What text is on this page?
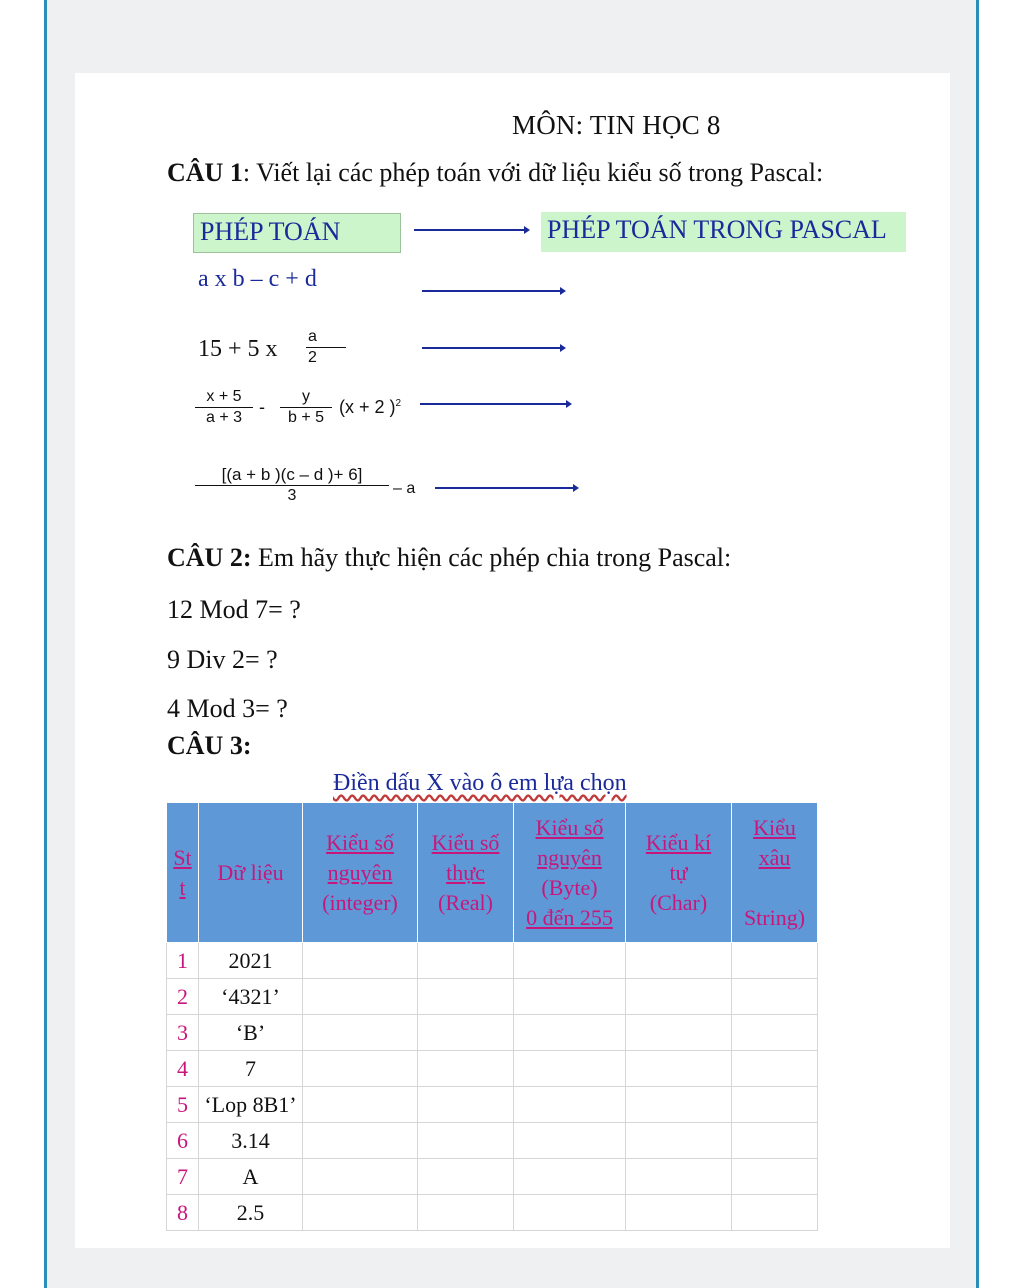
MÔN: TIN HỌC 8
CÂU 1: Viết lại các phép toán với dữ liệu kiểu số trong Pascal:
PHÉP TOÁN	PHÉP TOÁN TRONG PASCAL
a x b – c + d
15 + 5 x a
2
x + 5
a + 3
-
y
b + 5
(x + 2 )$^2$
[(a + b )(c – d )+ 6]
3	– a
CÂU 2: Em hãy thực hiện các phép chia trong Pascal:
12 Mod 7= ?
9 Div 2= ?
4 Mod 3= ?
CÂU 3:
Điền dấu X vào ô em lựa chọn
St
t	Dữ liệu	Kiểu số
nguyên
(integer)	Kiểu số
thực
(Real)	Kiểu số
nguyên
(Byte)
0 đến 255	Kiểu kí
tự
(Char)	Kiểu
xâu

String)
1	2021					
2	‘4321’					
3	‘B’					
4	7					
5	‘Lop 8B1’					
6	3.14					
7	A					
8	2.5					
